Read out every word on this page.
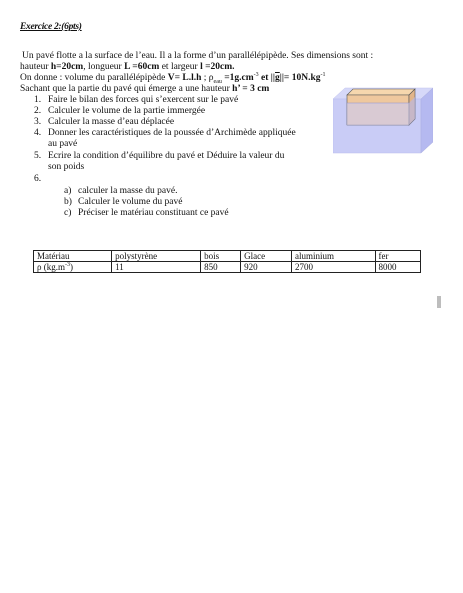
Exercice 2:(6pts)
Un pavé flotte a la surface de l’eau. Il a la forme d’un parallélépipède. Ses dimensions sont :
hauteur h=20cm, longueur L =60cm et largeur l =20cm.
On donne : volume du parallélépipède V= L.l.h ; $\rho_{eau} =1g.cm^{-3}$ et $||\overline{g}||= 10N.kg^{-1}$
Sachant que la partie du pavé qui émerge a une hauteur h’ = 3 cm
1. Faire le bilan des forces qui s’exercent sur le pavé
2. Calculer le volume de la partie immergée
3. Calculer la masse d’eau déplacée
4. Donner les caractéristiques de la poussée d’Archimède appliquée
au pavé
5. Ecrire la condition d’équilibre du pavé et Déduire la valeur du
son poids
6.
a) calculer la masse du pavé.
b) Calculer le volume du pavé
c) Préciser le matériau constituant ce pavé
Matériau	polystyrène	bois	Glace	aluminium	fer
ρ $(kg.m^{-3})$	11	850	920	2700	8000
